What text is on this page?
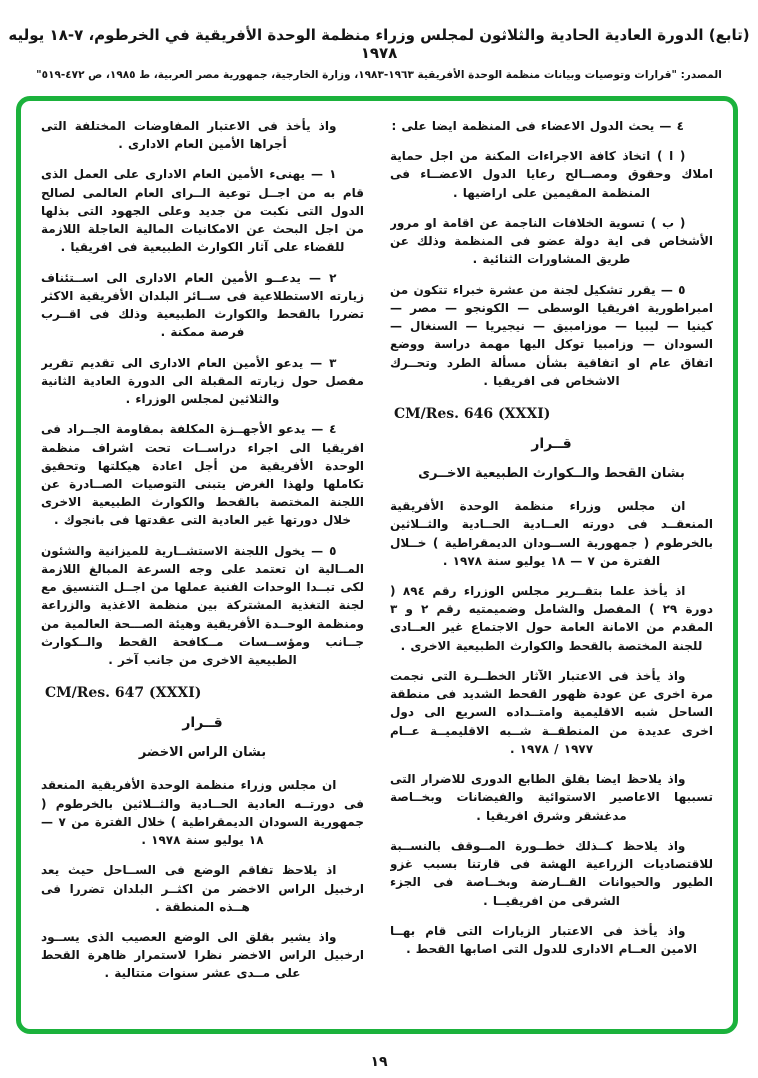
(تابع) الدورة العادية الحادية والثلاثون لمجلس وزراء منظمة الوحدة الأفريقية في الخرطوم، ٧-١٨ يوليه ١٩٧٨
المصدر: "قرارات وتوصيات وبيانات منظمة الوحدة الأفريقية ١٩٦٣-١٩٨٣، وزارة الخارجية، جمهورية مصر العربية، ط ١٩٨٥، ص ٤٧٢-٥١٩"
٤ — يحث الدول الاعضاء فى المنظمة ايضا على :
( ا ) اتخاذ كافة الاجراءات المكنة من اجل حماية املاك وحقوق ومصــالح رعايا الدول الاعضــاء فى المنظمة المقيمين على اراضيها .
( ب ) تسوية الخلافات الناجمة عن اقامة او مرور الأشخاص فى اية دولة عضو فى المنظمة وذلك عن طريق المشاورات الثنائية .
٥ — يقرر تشكيل لجنة من عشرة خبراء تتكون من امبراطورية افريقيا الوسطى — الكونجو — مصر — كينيا — ليبيا — موزامبيق — نيجيريا — السنغال — السودان — وزامبيا توكل اليها مهمة دراسة ووضع اتفاق عام او اتفاقية بشأن مسألة الطرد وتحــرك الاشخاص فى افريقيا .
CM/Res. 646 (XXXI)
قــرار
بشان القحط والــكوارث الطبيعية الاخــرى
ان مجلس وزراء منظمة الوحدة الأفريقية المنعقــد فى دورته العــادية الحــادية والثــلاثين بالخرطوم ( جمهورية الســودان الديمقراطية ) خــلال الفترة من ٧ — ١٨ يوليو سنة ١٩٧٨ .
اذ يأخذ علما بتقــرير مجلس الوزراء رقم ٨٩٤ ( دورة ٢٩ ) المفصل والشامل وضميمتيه رقم ٢ و ٣ المقدم من الامانة العامة حول الاجتماع غير العــادى للجنة المختصة بالقحط والكوارث الطبيعية الاخرى .
واذ يأخذ فى الاعتبار الآثار الخطــرة التى نجمت مرة اخرى عن عودة ظهور القحط الشديد فى منطقة الساحل شبه الاقليمية وامتــداده السريع الى دول اخرى عديدة من المنطقــة شــبه الاقليميــة عــام ١٩٧٧ / ١٩٧٨ .
واذ يلاحظ ايضا بقلق الطابع الدورى للاضرار التى تسببها الاعاصير الاستوائية والفيضانات وبخــاصة مدغشقر وشرق افريقيا .
واذ يلاحظ كــذلك خطــورة المــوقف بالنســبة للاقتصاديات الزراعية الهشة فى قارتنا بسبب غزو الطيور والحيوانات القــارضة وبخــاصة فى الجزء الشرقى من افريقيــا .
واذ يأخذ فى الاعتبار الزيارات التى قام بهــا الامين العــام الادارى للدول التى اصابها القحط .
واذ يأخذ فى الاعتبار المفاوضات المختلفة التى أجراها الأمين العام الادارى .
١ — يهنىء الأمين العام الادارى على العمل الذى قام به من اجــل توعية الــراى العام العالمى لصالح الدول التى نكبت من جديد وعلى الجهود التى بذلها من اجل البحث عن الامكانيات المالية العاجلة اللازمة للقضاء على آثار الكوارث الطبيعية فى افريقيا .
٢ — يدعــو الأمين العام الادارى الى اســتئناف زيارته الاستطلاعية فى ســائر البلدان الأفريقية الاكثر تضررا بالقحط والكوارث الطبيعية وذلك فى اقــرب فرصة ممكنة .
٣ — يدعو الأمين العام الادارى الى تقديم تقرير مفصل حول زيارته المقبلة الى الدورة العادية الثانية والثلاثين لمجلس الوزراء .
٤ — يدعو الأجهــزة المكلفة بمقاومة الجــراد فى افريقيا الى اجراء دراســات تحت اشراف منظمة الوحدة الأفريقية من أجل اعادة هيكلتها وتحقيق تكاملها ولهذا الغرض يتبنى التوصيات الصــادرة عن اللجنة المختصة بالقحط والكوارث الطبيعية الاخرى خلال دورتها غير العادية التى عقدتها فى بانجوك .
٥ — يخول اللجنة الاستشــارية للميزانية والشئون المــالية ان تعتمد على وجه السرعة المبالغ اللازمة لكى تبــدا الوحدات الفنية عملها من اجــل التنسيق مع لجنة التغذية المشتركة بين منظمة الاغذية والزراعة ومنظمة الوحــدة الأفريقية وهيئة الصـــحة العالمية من جــانب ومؤســسات مــكافحة القحط والــكوارث الطبيعية الاخرى من جانب آخر .
CM/Res. 647 (XXXI)
قــرار
بشان الراس الاخضر
ان مجلس وزراء منظمة الوحدة الأفريقية المنعقد فى دورتــه العادية الحــادية والثــلاثين بالخرطوم ( جمهورية السودان الديمقراطية ) خلال الفترة من ٧ — ١٨ يوليو سنة ١٩٧٨ .
اذ يلاحظ تفاقم الوضع فى الســاحل حيث يعد ارخبيل الراس الاخضر من اكثــر البلدان تضررا فى هــذه المنطقة .
واذ يشير بقلق الى الوضع العصيب الذى يســود ارخبيل الراس الاخضر نظرا لاستمرار ظاهرة القحط على مــدى عشر سنوات متتالية .
١٩
